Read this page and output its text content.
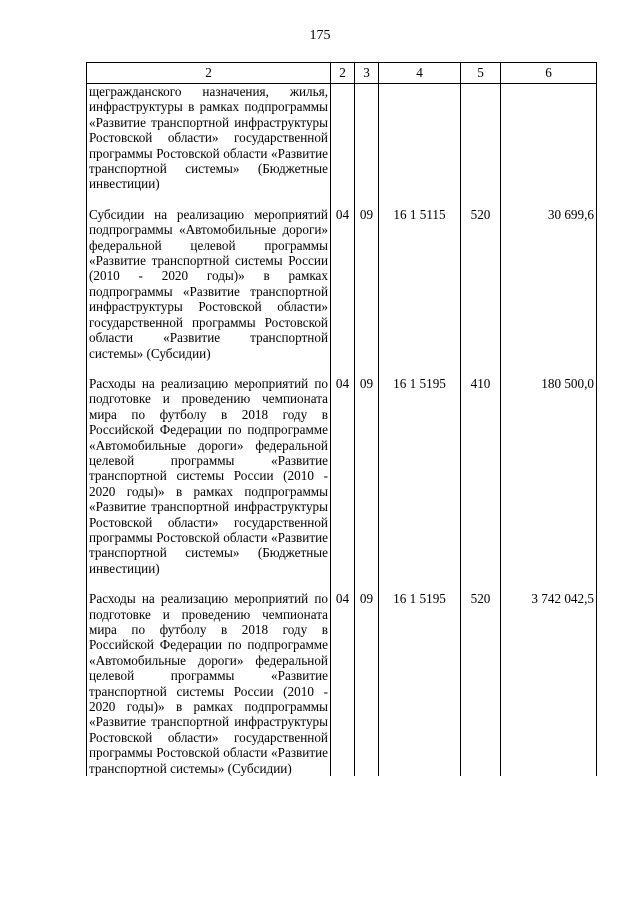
175
2	2	3	4	5	6
щегражданского назначения, жилья, инфраструктуры в рамках подпрограммы «Развитие транспортной инфраструктуры Ростовской области» государственной программы Ростовской области «Развитие транспортной системы» (Бюджетные инвестиции)					
Субсидии на реализацию мероприятий подпрограммы «Автомобильные дороги» федеральной целевой программы «Развитие транспортной системы России (2010 - 2020 годы)» в рамках подпрограммы «Развитие транспортной инфраструктуры Ростовской области» государственной программы Ростовской области «Развитие транспортной системы» (Субсидии)	04	09	16 1 5115	520	30 699,6
Расходы на реализацию мероприятий по подготовке и проведению чемпионата мира по футболу в 2018 году в Российской Федерации по подпрограмме «Автомобильные дороги» федеральной целевой программы «Развитие транспортной системы России (2010 - 2020 годы)» в рамках подпрограммы «Развитие транспортной инфраструктуры Ростовской области» государственной программы Ростовской области «Развитие транспортной системы» (Бюджетные инвестиции)	04	09	16 1 5195	410	180 500,0
Расходы на реализацию мероприятий по подготовке и проведению чемпионата мира по футболу в 2018 году в Российской Федерации по подпрограмме «Автомобильные дороги» федеральной целевой программы «Развитие транспортной системы России (2010 - 2020 годы)» в рамках подпрограммы «Развитие транспортной инфраструктуры Ростовской области» государственной программы Ростовской области «Развитие транспортной системы» (Субсидии)	04	09	16 1 5195	520	3 742 042,5
